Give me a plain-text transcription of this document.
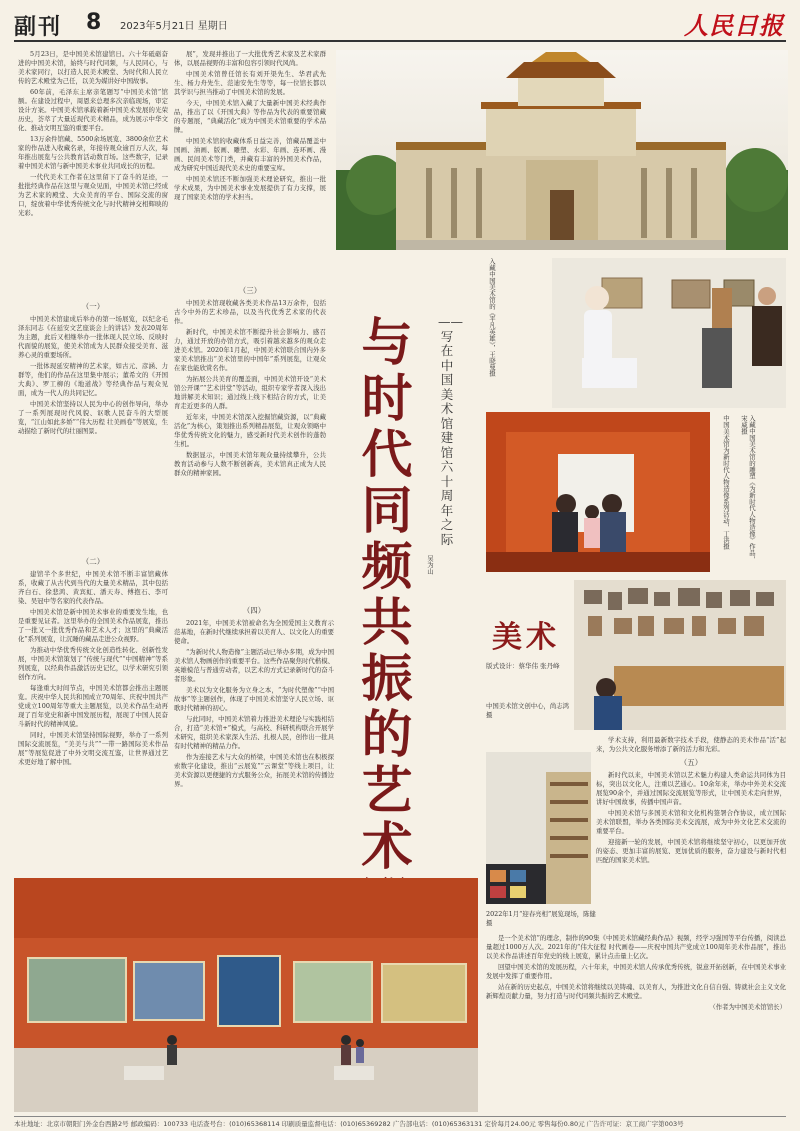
副刊 8 2023年5月21日 星期日	人民日报

5月23日，是中国美术馆建馆日。六十年砥砺奋进的中国美术馆，始终与时代同频，与人民同心，与美术家同行，以打造人民美术殿堂、为时代和人民立传的艺术殿堂为己任，以美为媒讲好中国故事。

60年前，毛泽东主席亲笔题写“中国美术馆”馆额。在建设过程中，周恩来总理多次亲临现场，审定设计方案。中国美术馆承载着新中国美术发展的光荣历史，荟萃了大量近现代美术精品，成为展示中华文化、推动文明互鉴的重要平台。

13万余件馆藏、5500余场展览、3800余位艺术家的作品进入收藏名录，年接待观众逾百万人次，每年推出展览与公共教育活动数百场。这些数字，记录着中国美术馆与新中国美术事业共同成长的历程。

一代代美术工作者在这里留下了奋斗的足迹，一批批经典作品在这里与观众见面，中国美术馆已经成为艺术家的殿堂、大众美育的平台、国际交流的窗口，绽放着中华优秀传统文化与时代精神交相辉映的光彩。

（一）

中国美术馆建成后举办的第一场展览，以纪念毛泽东同志《在延安文艺座谈会上的讲话》发表20周年为主题，此后又相继举办一批体现人民立场、反映时代面貌的展览，使美术馆成为人民群众接受美育、滋养心灵的重要场所。

一批体现延安精神的艺术家，如古元、彦涵、力群等，他们的作品在这里集中展示；董希文的《开国大典》、罗工柳的《地道战》等经典作品与观众见面，成为一代人的共同记忆。

中国美术馆坚持以人民为中心的创作导向，举办了一系列展现时代风貌、讴歌人民奋斗的大型展览，“江山如此多娇”“伟大历程 壮美画卷”等展览，生动描绘了新时代的壮丽图景。

（二）

建馆半个多世纪，中国美术馆不断丰富馆藏体系，收藏了从古代到当代的大量美术精品，其中包括齐白石、徐悲鸿、黄宾虹、潘天寿、傅抱石、李可染、吴冠中等名家的代表作品。

中国美术馆是新中国美术事业的重要发生地，也是重要见证者。这里举办的全国美术作品展览，推出了一批又一批优秀作品和艺术人才；这里的“典藏活化”系列展览，让沉睡的藏品走进公众视野。

为推动中华优秀传统文化创造性转化、创新性发展，中国美术馆策划了“传统与现代”“中国精神”等系列展览，以经典作品激活历史记忆，以学术研究引领创作方向。

每逢重大时间节点，中国美术馆都会推出主题展览。庆祝中华人民共和国成立70周年、庆祝中国共产党成立100周年等重大主题展览，以美术作品生动再现了百年党史和新中国发展历程，展现了中国人民奋斗新时代的精神风貌。

同时，中国美术馆坚持国际视野，举办了一系列国际交流展览，“美美与共”“一带一路国际美术作品展”等展览促进了中外文明交流互鉴，让世界通过艺术更好地了解中国。

展”，发现并推出了一大批优秀艺术家及艺术家群体，以展品视野的丰富和包容引领时代风尚。

中国美术馆曾任馆长有刘开渠先生、华君武先生、杨力舟先生、范迪安先生等等，每一位馆长都以其学识与担当推动了中国美术馆的发展。

今天，中国美术馆入藏了大量新中国美术经典作品，推出了以《开国大典》等作品为代表的重要馆藏的专题展，“典藏活化”成为中国美术馆重要的学术品牌。

中国美术馆的收藏体系日益完善，馆藏品覆盖中国画、油画、版画、雕塑、水彩、年画、连环画、漫画、民间美术等门类，并藏有丰富的外国美术作品，成为研究中国近现代美术史的重要宝库。

中国美术馆还不断加强美术理论研究，推出一批学术成果，为中国美术事业发展提供了有力支撑，展现了国家美术馆的学术担当。

（三）

中国美术馆现收藏各类美术作品13万余件，包括古今中外的艺术珍品，以及当代优秀艺术家的代表作。

新时代，中国美术馆不断提升社会影响力、感召力，通过开放的办馆方式，吸引着越来越多的观众走进美术馆。2020年1月起，中国美术馆联合国内外多家美术馆推出“美术馆里的中国年”系列展览，让观众在家也能欣赏名作。

为拓展公共美育的覆盖面，中国美术馆开设“美术馆公开课”“艺术讲堂”等活动，组织专家学者深入浅出地讲解美术知识；通过线上线下相结合的方式，让美育走近更多的人群。

近年来，中国美术馆深入挖掘馆藏资源，以“典藏活化”为核心，策划推出系列精品展览，让观众领略中华优秀传统文化的魅力，感受新时代美术创作的蓬勃生机。

数据显示，中国美术馆年观众量持续攀升，公共教育活动参与人数不断创新高，美术馆真正成为人民群众的精神家园。

（四）

2021年，中国美术馆被命名为全国爱国主义教育示范基地，在新时代继续承担着以美育人、以文化人的重要使命。

“为新时代人物造像”主题活动已举办多期，成为中国美术馆人物画创作的重要平台。这些作品聚焦时代楷模、英雄模范与普通劳动者，以艺术的方式记录新时代的奋斗者形象。

美术以为文化服务为立身之本，“为时代塑像”“中国故事”等主题创作，体现了中国美术馆坚守人民立场、讴歌时代精神的初心。

与此同时，中国美术馆着力推进美术理论与实践相结合，打造“美术馆+”模式，与高校、科研机构联合开展学术研究，组织美术家深入生活、扎根人民，创作出一批具有时代精神的精品力作。

作为连接艺术与大众的桥梁，中国美术馆也在积极探索数字化建设，推出“云展览”“云课堂”等线上项目，让美术资源以更便捷的方式服务公众，拓展美术馆的传播边界。

与时代同频共振的艺术
——写在中国美术馆建馆六十周年之际
吴为山
入藏中国美术馆的《平凡英雄》，王晓曼摄
入藏中国美术馆的雕塑《为新时代人物造像》作品，宋威摄
中国美术馆为新时代人物造像系列活动，丁洪摄
美术
版式设计：蔡华伟 张丹峰
中国美术馆文创中心，尚志鸿摄

学术支持，利用最新数字技术手段，使静态的美术作品“活”起来，为公共文化服务增添了新的活力和光彩。

（五）

新时代以来，中国美术馆以艺术魅力构建人类命运共同体为目标，突出以文化人，注重以艺通心。10余年来，举办中外美术交流展览90余个，并通过国际交流展览等形式，让中国美术走向世界，讲好中国故事，传播中国声音。

中国美术馆与多国美术馆和文化机构签署合作协议，成立国际美术馆联盟，举办各类国际美术交流展，成为中外文化艺术交流的重要平台。

迎接新一轮的发展，中国美术馆将继续坚守初心，以更加开放的姿态、更加丰富的展览、更加优质的服务，奋力建设与新时代相匹配的国家美术馆。

2022年1月“迎春亮相”展览现场，陈健摄

是一个美术馆”的理念，制作的90集《中国美术馆藏经典作品》视频，经学习强国等平台传播，阅读总量超过1000万人次。2021年的“伟大征程 时代画卷——庆祝中国共产党成立100周年美术作品展”，推出以美术作品讲述百年党史的线上展览，累计点击量上亿次。

回望中国美术馆的发展历程，六十年来，中国美术馆人传承优秀传统，锐意开拓创新，在中国美术事业发展中发挥了重要作用。

站在新的历史起点，中国美术馆将继续以美铸魂、以美育人，为推进文化自信自强、铸就社会主义文化新辉煌贡献力量，努力打造与时代同频共振的艺术殿堂。

（作者为中国美术馆馆长）

本社地址：北京市朝阳门外金台西路2号 邮政编码：100733 电话查号台：(010)65368114 印刷质量监督电话：(010)65369282 广告部电话：(010)65363131 定价每月24.00元 零售每份0.80元 广告许可证：京工商广字第003号
